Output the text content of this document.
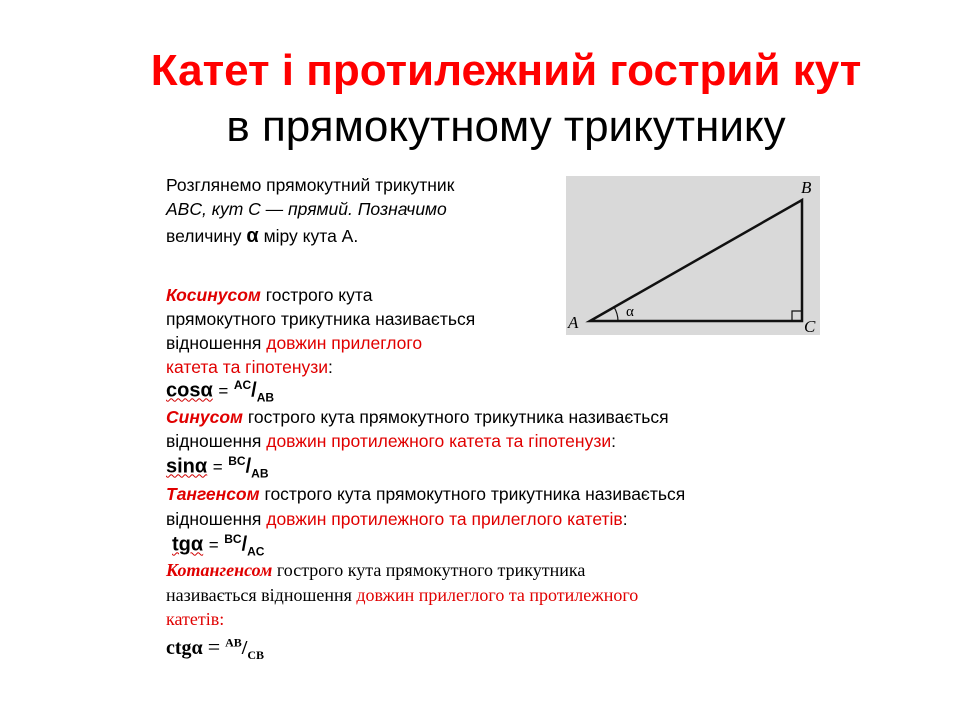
Катет і протилежний гострий кут
в прямокутному трикутнику
Розглянемо прямокутний трикутник
ABC, кут С — прямий. Позначимо
величину α міру кута A.
A
B
C
α
Косинусом гострого кута
прямокутного трикутника називається
відношення довжин прилеглого
катета та гіпотенузи:
$\cos\alpha = ^{AC}/_{AB}$
Синусом гострого кута прямокутного трикутника називається
відношення довжин протилежного катета та гіпотенузи:
$\sin\alpha = ^{BC}/_{AB}$
Тангенсом гострого кута прямокутного трикутника називається
відношення довжин протилежного та прилеглого катетів:
$tg\alpha = ^{BC}/_{AC}$
Котангенсом гострого кута прямокутного трикутника
називається відношення довжин прилеглого та протилежного
катетів:
$ctg\alpha = ^{AB}/_{CB}$
